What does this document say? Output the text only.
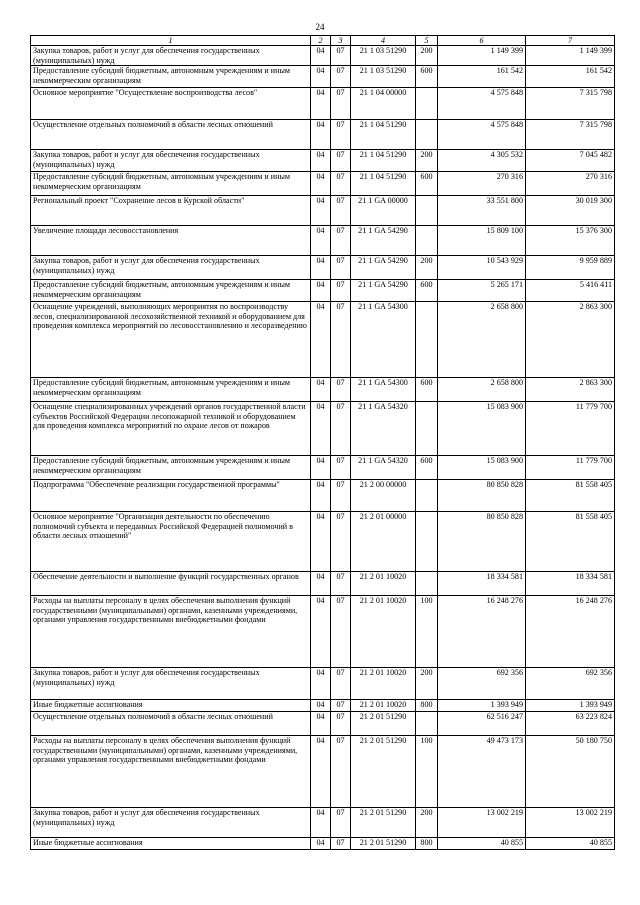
24
1	2	3	4	5	6	7
Закупка товаров, работ и услуг для обеспечения государственных (муниципальных) нужд	04	07	21 1 03 51290	200	1 149 399	1 149 399
Предоставление субсидий бюджетным, автономным учреждениям и иным некоммерческим организациям	04	07	21 1 03 51290	600	161 542	161 542
Основное мероприятие "Осуществление воспроизводства лесов"	04	07	21 1 04 00000		4 575 848	7 315 798
Осуществление отдельных полномочий в области лесных отношений	04	07	21 1 04 51290		4 575 848	7 315 798
Закупка товаров, работ и услуг для обеспечения государственных (муниципальных) нужд	04	07	21 1 04 51290	200	4 305 532	7 045 482
Предоставление субсидий бюджетным, автономным учреждениям и иным некоммерческим организациям	04	07	21 1 04 51290	600	270 316	270 316
Региональный проект "Сохранение лесов в Курской области"	04	07	21 1 GA 00000		33 551 800	30 019 300
Увеличение площади лесовосстановления	04	07	21 1 GA 54290		15 809 100	15 376 300
Закупка товаров, работ и услуг для обеспечения государственных (муниципальных) нужд	04	07	21 1 GA 54290	200	10 543 929	9 959 889
Предоставление субсидий бюджетным, автономным учреждениям и иным некоммерческим организациям	04	07	21 1 GA 54290	600	5 265 171	5 416 411
Оснащение учреждений, выполняющих мероприятия по воспроизводству лесов, специализированной лесохозяйственной техникой и оборудованием для проведения комплекса мероприятий по лесовосстановлению и лесоразведению	04	07	21 1 GA 54300		2 658 800	2 863 300
Предоставление субсидий бюджетным, автономным учреждениям и иным некоммерческим организациям	04	07	21 1 GA 54300	600	2 658 800	2 863 300
Оснащение специализированных учреждений органов государственной власти субъектов Российской Федерации лесопожарной техникой и оборудованием для проведения комплекса мероприятий по охране лесов от пожаров	04	07	21 1 GA 54320		15 083 900	11 779 700
Предоставление субсидий бюджетным, автономным учреждениям и иным некоммерческим организациям	04	07	21 1 GA 54320	600	15 083 900	11 779 700
Подпрограмма "Обеспечение реализации государственной программы"	04	07	21 2 00 00000		80 850 828	81 558 405
Основное мероприятие "Организация деятельности по обеспечению полномочий субъекта и переданных Российской Федерацией полномочий в области лесных отношений"	04	07	21 2 01 00000		80 850 828	81 558 405
Обеспечение деятельности и выполнение функций государственных органов	04	07	21 2 01 10020		18 334 581	18 334 581
Расходы на выплаты персоналу в целях обеспечения выполнения функций государственными (муниципальными) органами, казенными учреждениями, органами управления государственными внебюджетными фондами	04	07	21 2 01 10020	100	16 248 276	16 248 276
Закупка товаров, работ и услуг для обеспечения государственных (муниципальных) нужд	04	07	21 2 01 10020	200	692 356	692 356
Иные бюджетные ассигнования	04	07	21 2 01 10020	800	1 393 949	1 393 949
Осуществление отдельных полномочий в области лесных отношений	04	07	21 2 01 51290		62 516 247	63 223 824
Расходы на выплаты персоналу в целях обеспечения выполнения функций государственными (муниципальными) органами, казенными учреждениями, органами управления государственными внебюджетными фондами	04	07	21 2 01 51290	100	49 473 173	50 180 750
Закупка товаров, работ и услуг для обеспечения государственных (муниципальных) нужд	04	07	21 2 01 51290	200	13 002 219	13 002 219
Иные бюджетные ассигнования	04	07	21 2 01 51290	800	40 855	40 855
